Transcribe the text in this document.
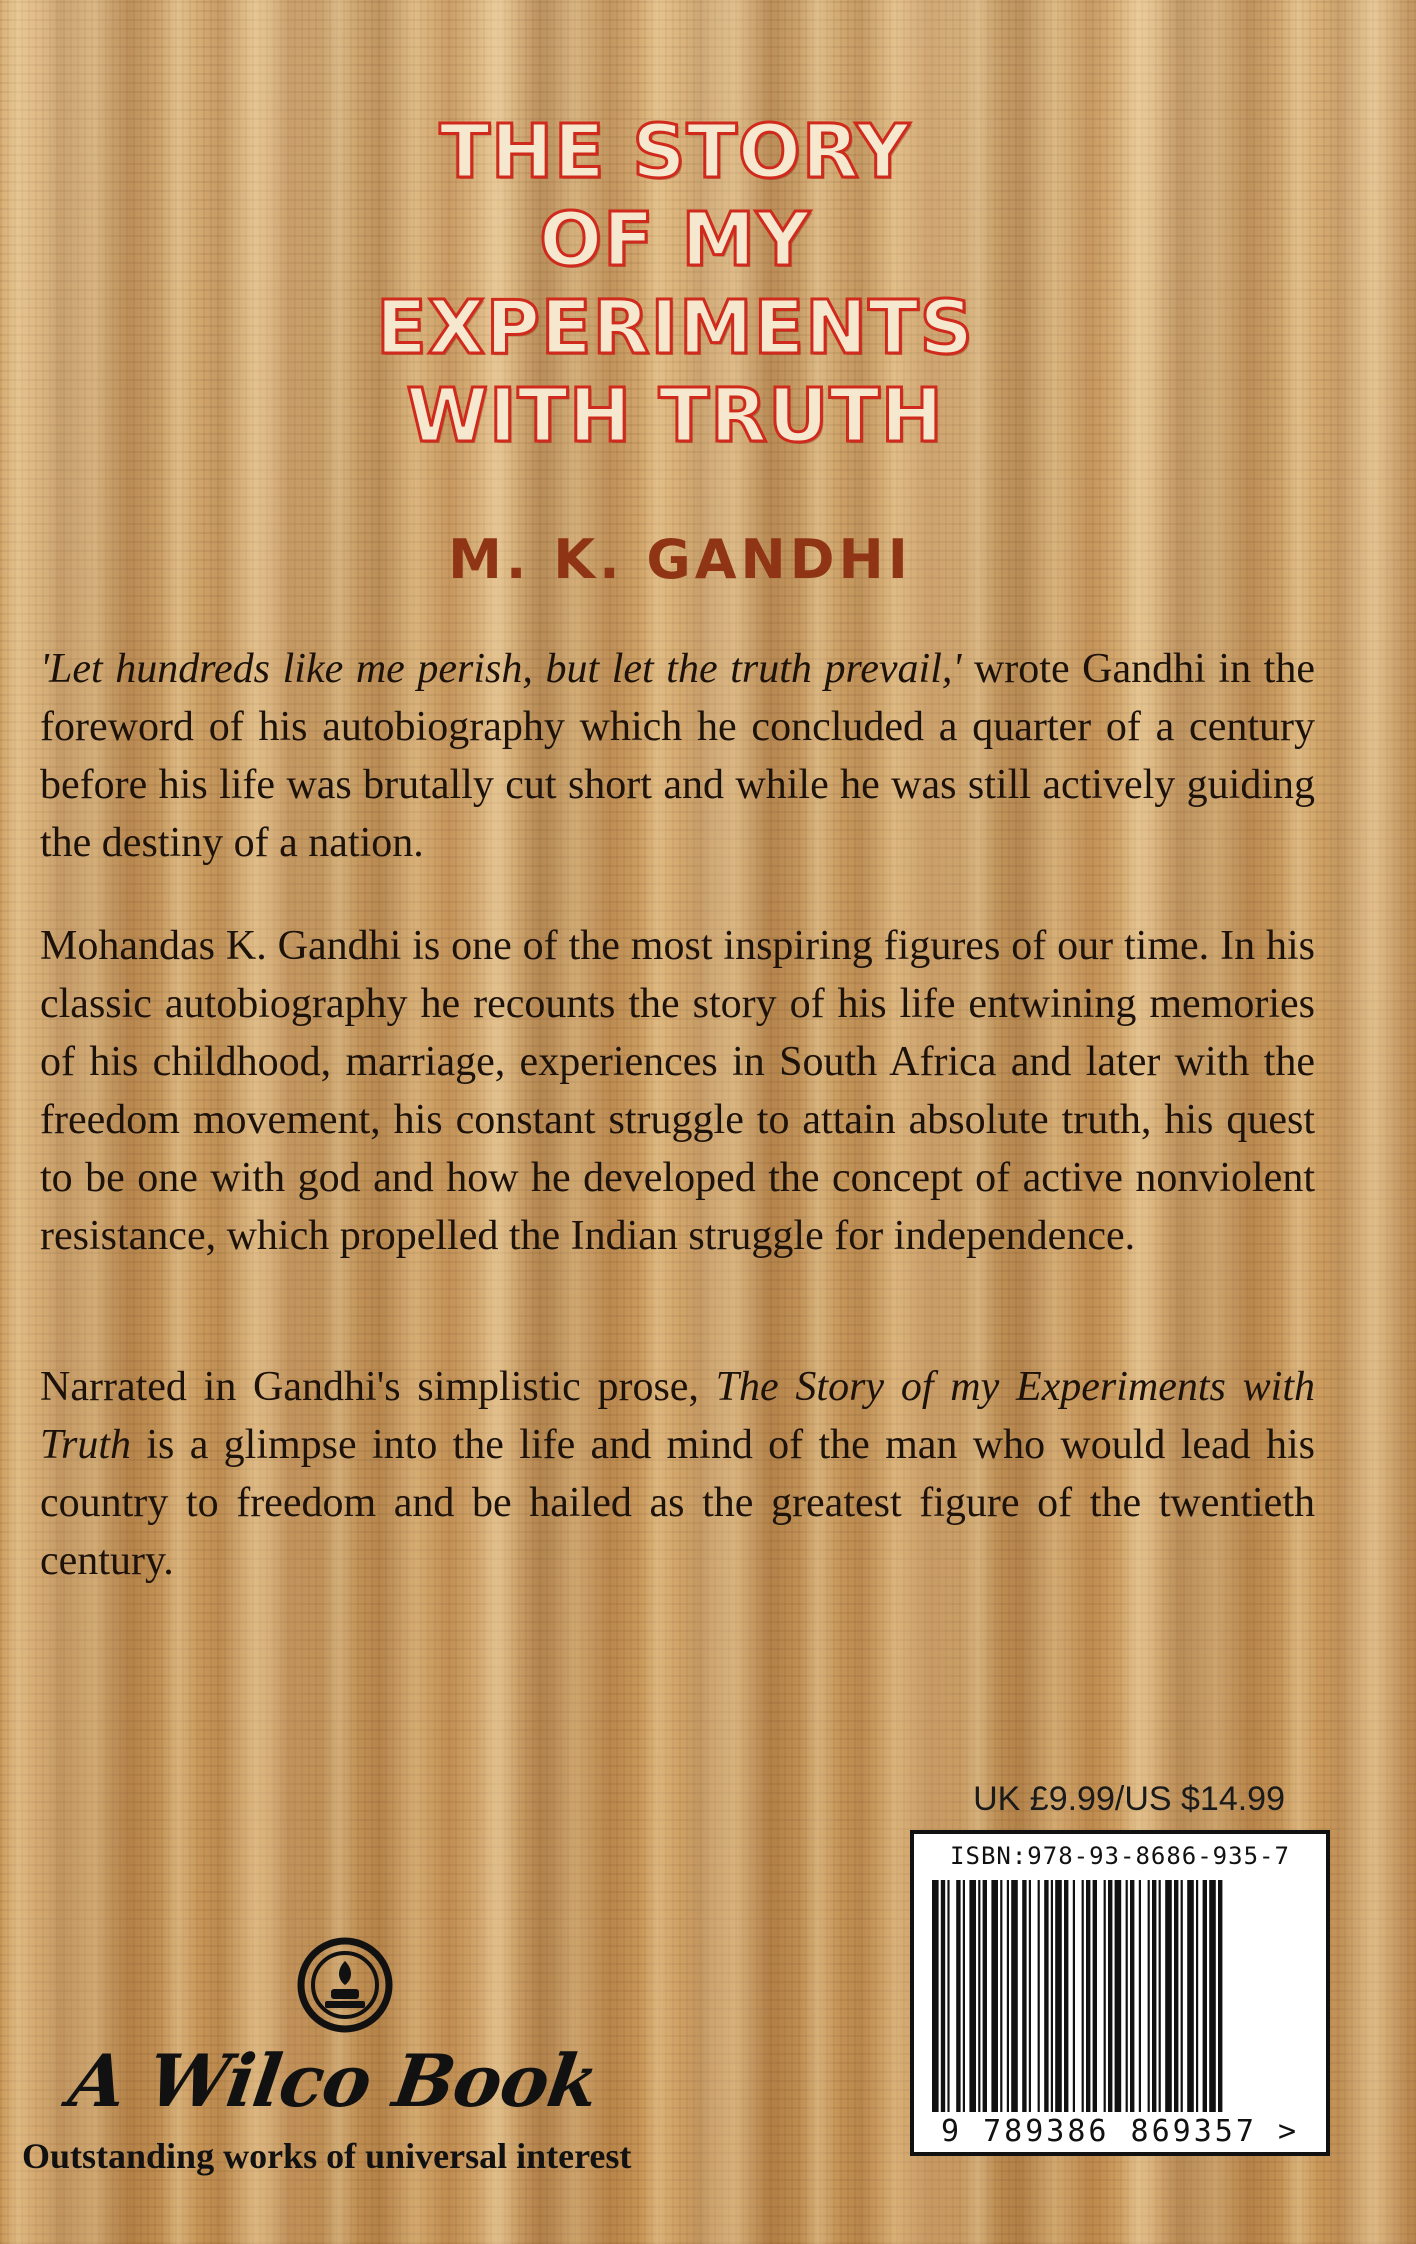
THE STORY
OF MY
EXPERIMENTS
WITH TRUTH
M. K. GANDHI

'Let hundreds like me perish, but let the truth prevail,' wrote Gandhi in the foreword of his autobiography which he concluded a quarter of a century before his life was brutally cut short and while he was still actively guiding the destiny of a nation.

Mohandas K. Gandhi is one of the most inspiring figures of our time. In his classic autobiography he recounts the story of his life entwining memories of his childhood, marriage, experiences in South Africa and later with the freedom movement, his constant struggle to attain absolute truth, his quest to be one with god and how he developed the concept of active nonviolent resistance, which propelled the Indian struggle for independence.

Narrated in Gandhi's simplistic prose, The Story of my Experiments with Truth is a glimpse into the life and mind of the man who would lead his country to freedom and be hailed as the greatest figure of the twentieth century.

UK £9.99/US $14.99
ISBN:978-93-8686-935-7
9 789386 869357 >
A Wilco Book
Outstanding works of universal interest
